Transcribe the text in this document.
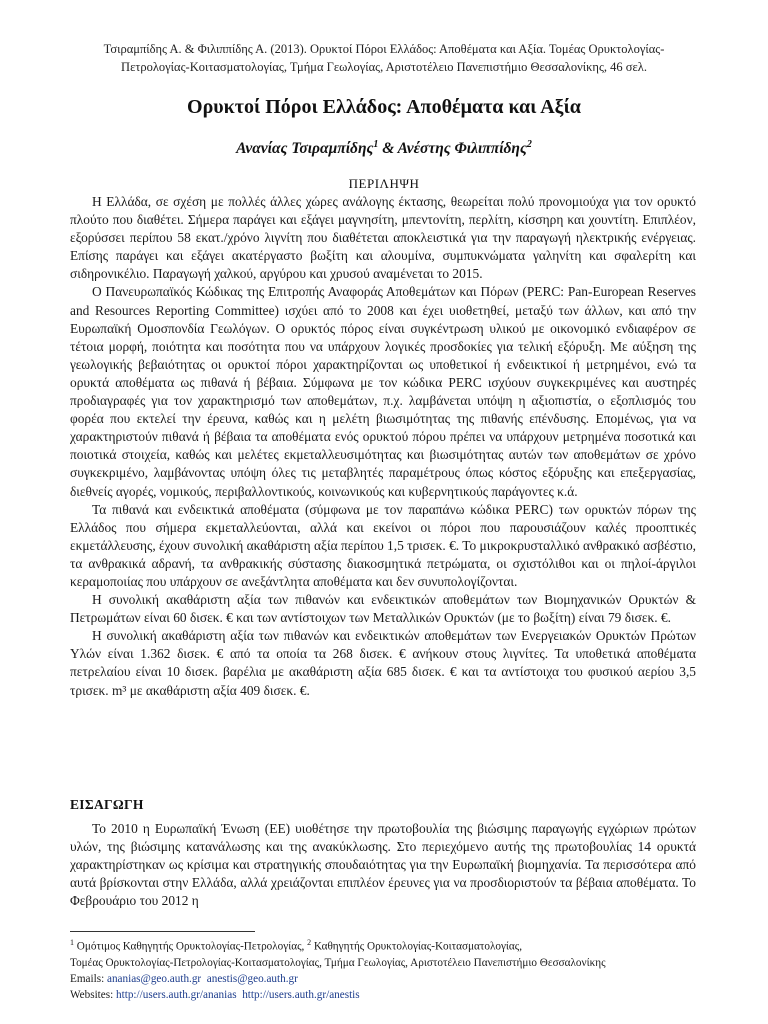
Τσιραμπίδης Α. & Φιλιππίδης Α. (2013). Ορυκτοί Πόροι Ελλάδος: Αποθέματα και Αξία. Τομέας Ορυκτολογίας-
Πετρολογίας-Κοιτασματολογίας, Τμήμα Γεωλογίας, Αριστοτέλειο Πανεπιστήμιο Θεσσαλονίκης, 46 σελ.
Ορυκτοί Πόροι Ελλάδος: Αποθέματα και Αξία
Ανανίας Τσιραμπίδης$^1$ & Ανέστης Φιλιππίδης$^2$
ΠΕΡΙΛΗΨΗ

Η Ελλάδα, σε σχέση με πολλές άλλες χώρες ανάλογης έκτασης, θεωρείται πολύ προνομιούχα για τον ορυκτό πλούτο που διαθέτει. Σήμερα παράγει και εξάγει μαγνησίτη, μπεντονίτη, περλίτη, κίσσηρη και χουντίτη. Επιπλέον, εξορύσσει περίπου 58 εκατ./χρόνο λιγνίτη που διαθέτεται αποκλειστικά για την παραγωγή ηλεκτρικής ενέργειας. Επίσης παράγει και εξάγει ακατέργαστο βωξίτη και αλουμίνα, συμπυκνώματα γαληνίτη και σφαλερίτη και σιδηρονικέλιο. Παραγωγή χαλκού, αργύρου και χρυσού αναμένεται το 2015.

Ο Πανευρωπαϊκός Κώδικας της Επιτροπής Αναφοράς Αποθεμάτων και Πόρων (PERC: Pan-European Reserves and Resources Reporting Committee) ισχύει από το 2008 και έχει υιοθετηθεί, μεταξύ των άλλων, και από την Ευρωπαϊκή Ομοσπονδία Γεωλόγων. Ο ορυκτός πόρος είναι συγκέντρωση υλικού με οικονομικό ενδιαφέρον σε τέτοια μορφή, ποιότητα και ποσότητα που να υπάρχουν λογικές προσδοκίες για τελική εξόρυξη. Με αύξηση της γεωλογικής βεβαιότητας οι ορυκτοί πόροι χαρακτηρίζονται ως υποθετικοί ή ενδεικτικοί ή μετρημένοι, ενώ τα ορυκτά αποθέματα ως πιθανά ή βέβαια. Σύμφωνα με τον κώδικα PERC ισχύουν συγκεκριμένες και αυστηρές προδιαγραφές για τον χαρακτηρισμό των αποθεμάτων, π.χ. λαμβάνεται υπόψη η αξιοπιστία, ο εξοπλισμός του φορέα που εκτελεί την έρευνα, καθώς και η μελέτη βιωσιμότητας της πιθανής επένδυσης. Επομένως, για να χαρακτηριστούν πιθανά ή βέβαια τα αποθέματα ενός ορυκτού πόρου πρέπει να υπάρχουν μετρημένα ποσοτικά και ποιοτικά στοιχεία, καθώς και μελέτες εκμεταλλευσιμότητας και βιωσιμότητας αυτών των αποθεμάτων σε χρόνο συγκεκριμένο, λαμβάνοντας υπόψη όλες τις μεταβλητές παραμέτρους όπως κόστος εξόρυξης και επεξεργασίας, διεθνείς αγορές, νομικούς, περιβαλλοντικούς, κοινωνικούς και κυβερνητικούς παράγοντες κ.ά.

Τα πιθανά και ενδεικτικά αποθέματα (σύμφωνα με τον παραπάνω κώδικα PERC) των ορυκτών πόρων της Ελλάδος που σήμερα εκμεταλλεύονται, αλλά και εκείνοι οι πόροι που παρουσιάζουν καλές προοπτικές εκμετάλλευσης, έχουν συνολική ακαθάριστη αξία περίπου 1,5 τρισεκ. €. Το μικροκρυσταλλικό ανθρακικό ασβέστιο, τα ανθρακικά αδρανή, τα ανθρακικής σύστασης διακοσμητικά πετρώματα, οι σχιστόλιθοι και οι πηλοί-άργιλοι κεραμοποιίας που υπάρχουν σε ανεξάντλητα αποθέματα και δεν συνυπολογίζονται.

Η συνολική ακαθάριστη αξία των πιθανών και ενδεικτικών αποθεμάτων των Βιομηχανικών Ορυκτών & Πετρωμάτων είναι 60 δισεκ. € και των αντίστοιχων των Μεταλλικών Ορυκτών (με το βωξίτη) είναι 79 δισεκ. €.

Η συνολική ακαθάριστη αξία των πιθανών και ενδεικτικών αποθεμάτων των Ενεργειακών Ορυκτών Πρώτων Υλών είναι 1.362 δισεκ. € από τα οποία τα 268 δισεκ. € ανήκουν στους λιγνίτες. Τα υποθετικά αποθέματα πετρελαίου είναι 10 δισεκ. βαρέλια με ακαθάριστη αξία 685 δισεκ. € και τα αντίστοιχα του φυσικού αερίου 3,5 τρισεκ. m³ με ακαθάριστη αξία 409 δισεκ. €.

ΕΙΣΑΓΩΓΗ

Το 2010 η Ευρωπαϊκή Ένωση (ΕΕ) υιοθέτησε την πρωτοβουλία της βιώσιμης παραγωγής εγχώριων πρώτων υλών, της βιώσιμης κατανάλωσης και της ανακύκλωσης. Στο περιεχόμενο αυτής της πρωτοβουλίας 14 ορυκτά χαρακτηρίστηκαν ως κρίσιμα και στρατηγικής σπουδαιότητας για την Ευρωπαϊκή βιομηχανία. Τα περισσότερα από αυτά βρίσκονται στην Ελλάδα, αλλά χρειάζονται επιπλέον έρευνες για να προσδιοριστούν τα βέβαια αποθέματα. Το Φεβρουάριο του 2012 η

$^1$ Ομότιμος Καθηγητής Ορυκτολογίας-Πετρολογίας, $^2$ Καθηγητής Ορυκτολογίας-Κοιτασματολογίας,
Τομέας Ορυκτολογίας-Πετρολογίας-Κοιτασματολογίας, Τμήμα Γεωλογίας, Αριστοτέλειο Πανεπιστήμιο Θεσσαλονίκης
Emails: ananias@geo.auth.gr anestis@geo.auth.gr
Websites: http://users.auth.gr/ananias http://users.auth.gr/anestis
